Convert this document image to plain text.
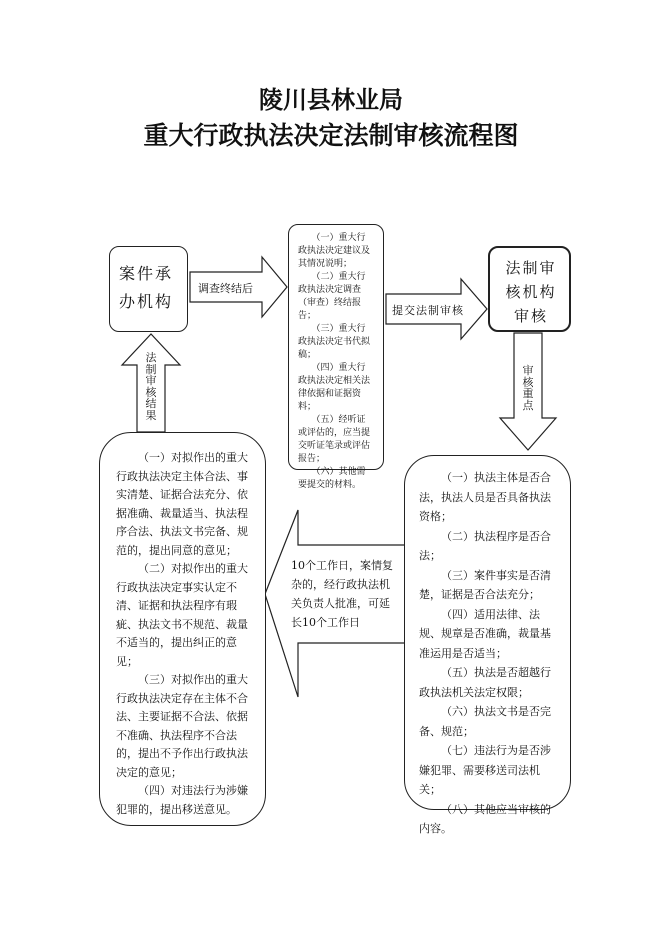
陵川县林业局
重大行政执法决定法制审核流程图
案件承办机构

（一）重大行政执法决定建议及其情况说明；

（二）重大行政执法决定调查（审查）终结报告；

（三）重大行政执法决定书代拟稿；

（四）重大行政执法决定相关法律依据和证据资料；

（五）经听证或评估的，应当提交听证笔录或评估报告；

（六）其他需要提交的材料。

法制审核机构审核
调查终结后
提交法制审核
审核重点
法制审核结果
10个工作日，案情复杂的，经行政执法机关负责人批准，可延长10个工作日

（一）执法主体是否合法，执法人员是否具备执法资格；

（二）执法程序是否合法；

（三）案件事实是否清楚，证据是否合法充分；

（四）适用法律、法规、规章是否准确，裁量基准运用是否适当；

（五）执法是否超越行政执法机关法定权限；

（六）执法文书是否完备、规范；

（七）违法行为是否涉嫌犯罪、需要移送司法机关；

（八）其他应当审核的内容。

（一）对拟作出的重大行政执法决定主体合法、事实清楚、证据合法充分、依据准确、裁量适当、执法程序合法、执法文书完备、规范的，提出同意的意见；

（二）对拟作出的重大行政执法决定事实认定不清、证据和执法程序有瑕疵、执法文书不规范、裁量不适当的，提出纠正的意见；

（三）对拟作出的重大行政执法决定存在主体不合法、主要证据不合法、依据不准确、执法程序不合法的，提出不予作出行政执法决定的意见；

（四）对违法行为涉嫌犯罪的，提出移送意见。
